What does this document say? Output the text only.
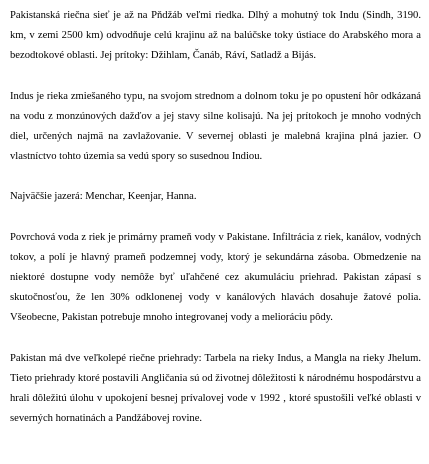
Pakistanská riečna sieť je až na Pňdžáb veľmi riedka. Dlhý a mohutný tok Indu (Sindh, 3190. km, v zemi 2500 km) odvodňuje celú krajinu až na balúčske toky ústiace do Arabského mora a bezodtokové oblasti. Jej prítoky: Džihlam, Čanáb, Ráví, Satladž a Bijás.

Indus je rieka zmiešaného typu, na svojom strednom a dolnom toku je po opustení hôr odkázaná na vodu z monzúnových dažďov a jej stavy silne kolisajú. Na jej prítokoch je mnoho vodných diel, určených najmä na zavlažovanie. V severnej oblasti je malebná krajina plná jazier. O vlastníctvo tohto územia sa vedú spory so susednou Indiou.

Najväčšie jazerá: Menchar, Keenjar, Hanna.

Povrchová voda z riek je primárny prameň vody v Pakistane. Infiltrácia z riek, kanálov, vodných tokov, a polí je hlavný prameň podzemnej vody, ktorý je sekundárna zásoba. Obmedzenie na niektoré dostupne vody nemôže byť uľahčené cez akumuláciu priehrad. Pakistan zápasí s skutočnosťou, že len 30% odklonenej vody v kanálových hlavách dosahuje žatové polia. Všeobecne, Pakistan potrebuje mnoho integrovanej vody a melioráciu pôdy.

Pakistan má dve veľkolepé riečne priehrady: Tarbela na rieky Indus, a Mangla na rieky Jhelum. Tieto priehrady ktoré postavili Angličania sú od životnej dôležitosti k národnému hospodárstvu a hrali dôležitú úlohu v upokojení besnej prívalovej vode v 1992 , ktoré spustošili veľké oblasti v severných hornatinách a Pandžábovej rovine.
